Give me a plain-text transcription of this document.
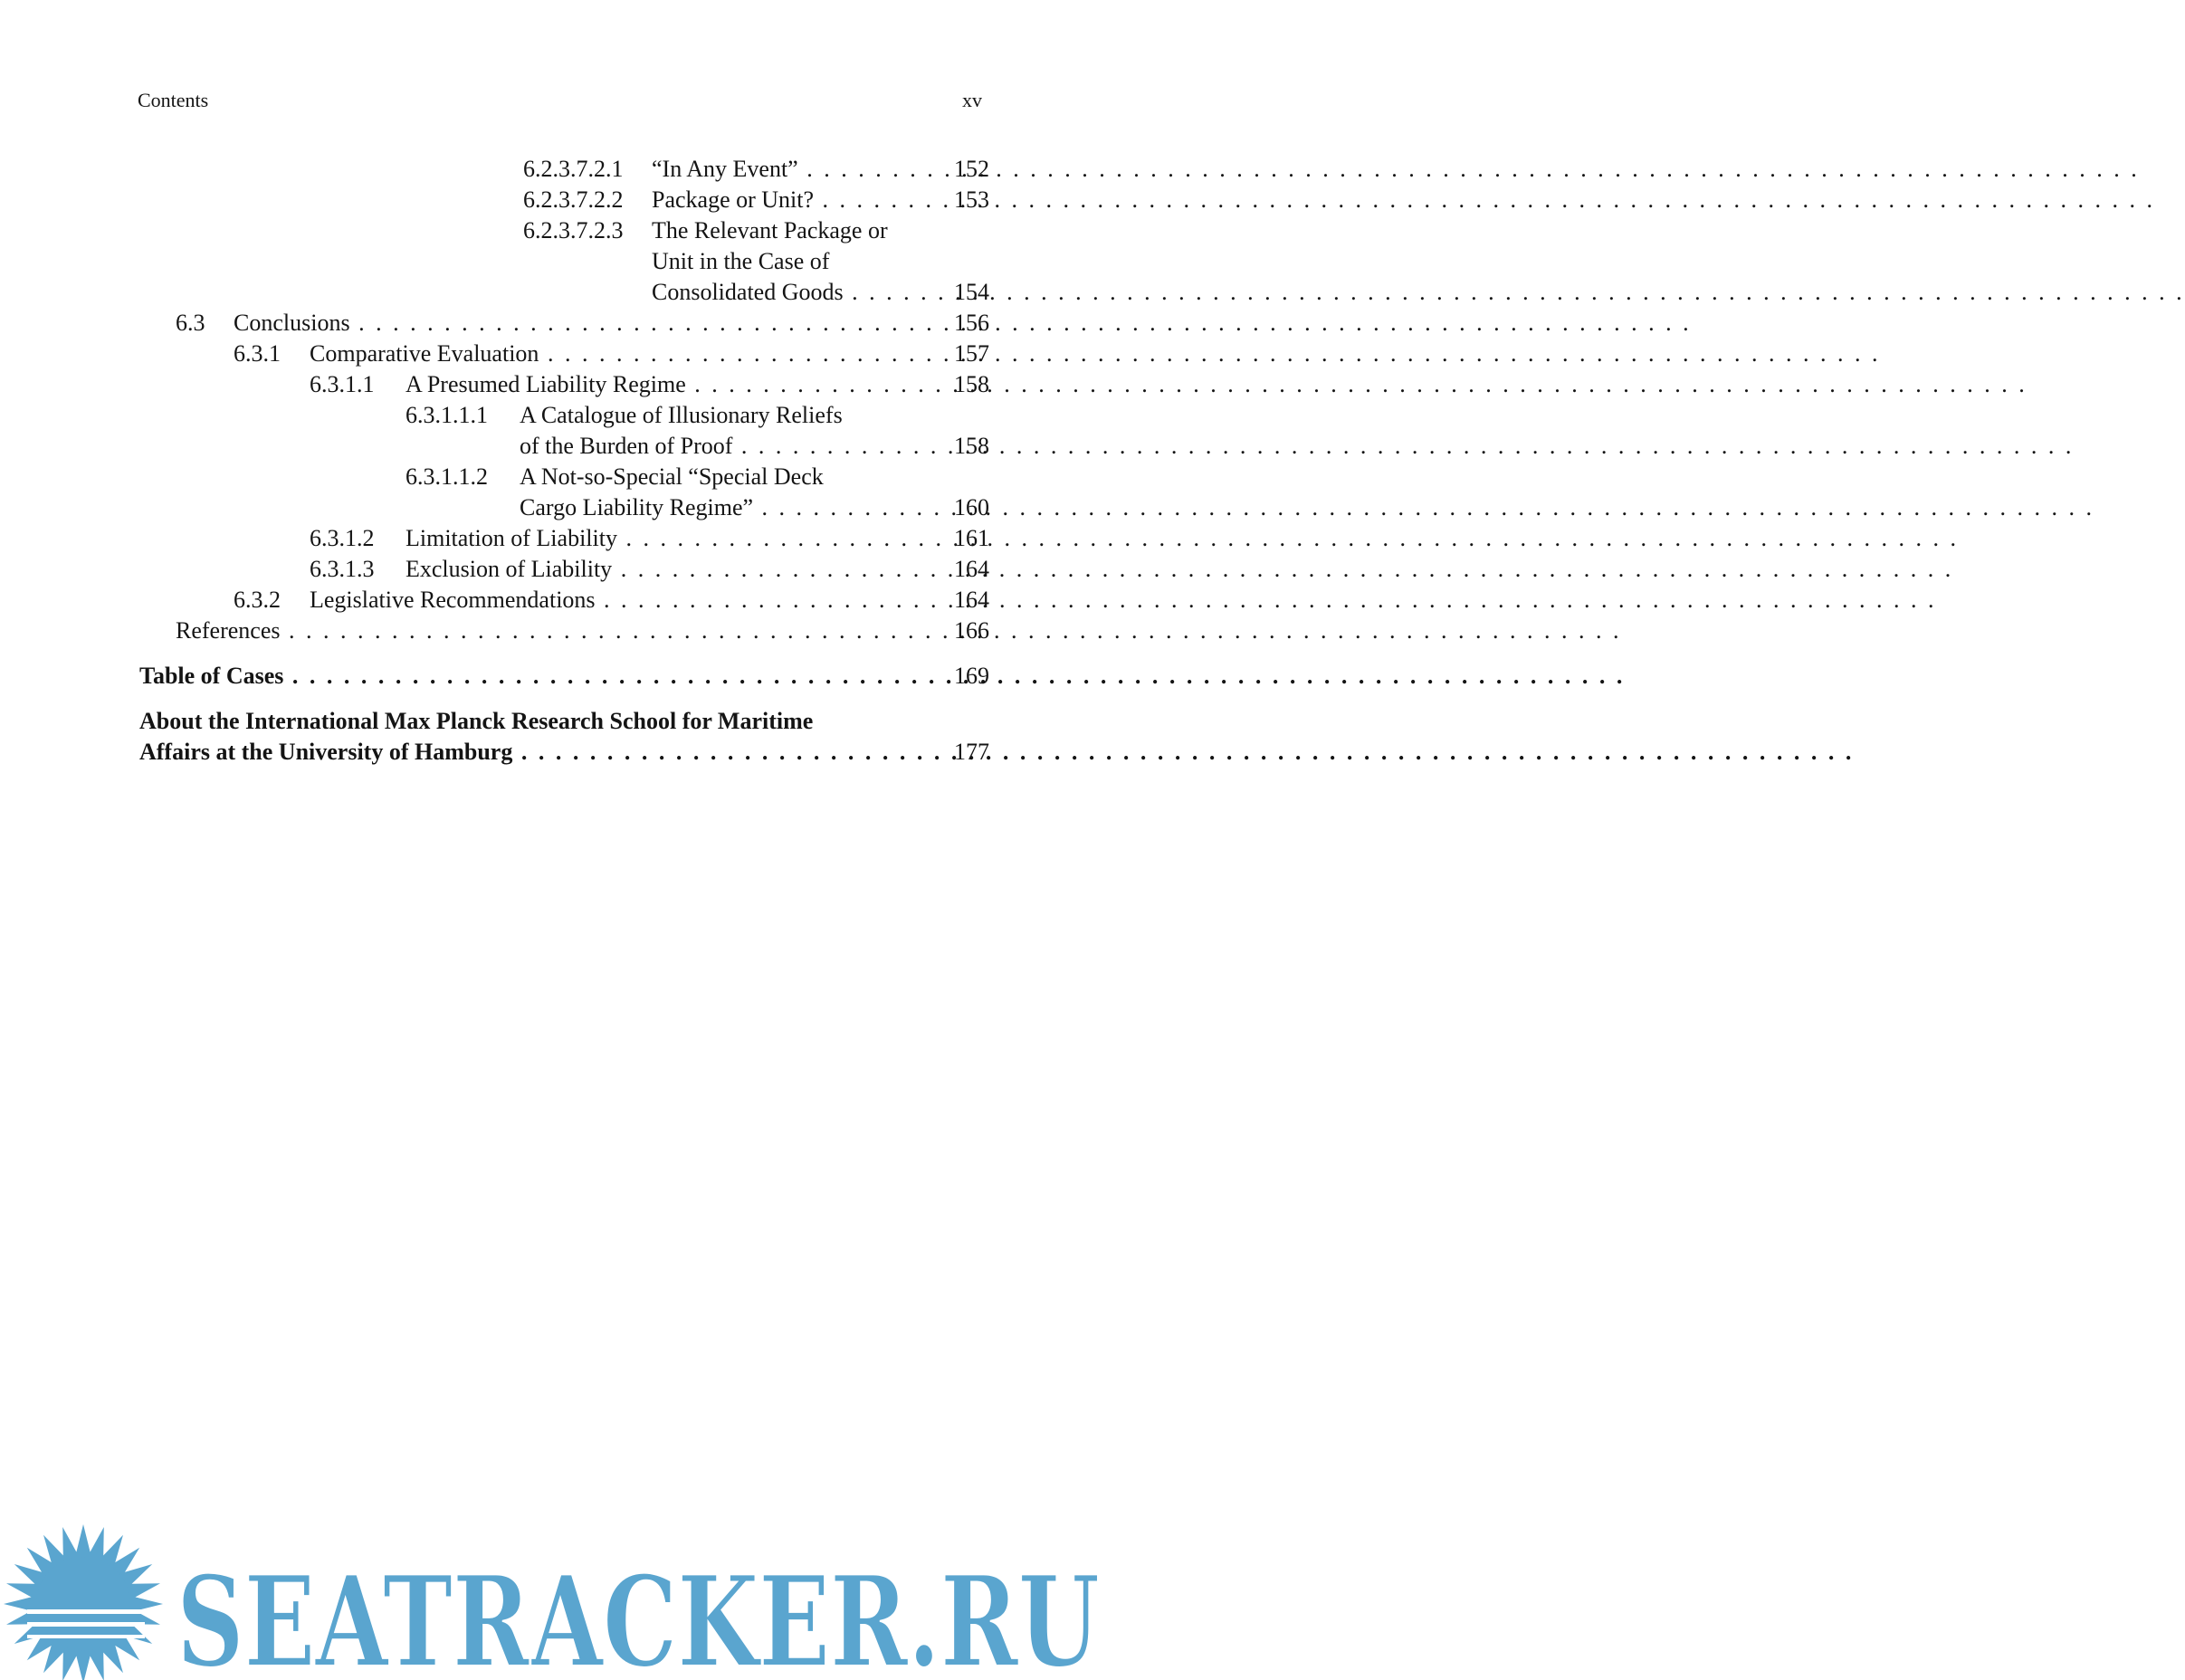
Contents	xv
6.2.3.7.2.1 “In Any Event” . . .	152
6.2.3.7.2.2 Package or Unit? . . .	153
6.2.3.7.2.3 The Relevant Package or
Unit in the Case of
Consolidated Goods . . .	154
6.3 Conclusions . . .	156
6.3.1 Comparative Evaluation . . .	157
6.3.1.1 A Presumed Liability Regime . . .	158
6.3.1.1.1 A Catalogue of Illusionary Reliefs
of the Burden of Proof . . .	158
6.3.1.1.2 A Not-so-Special “Special Deck
Cargo Liability Regime” . . .	160
6.3.1.2 Limitation of Liability . . .	161
6.3.1.3 Exclusion of Liability . . .	164
6.3.2 Legislative Recommendations . . .	164
References . . .	166
Table of Cases . . .	169
About the International Max Planck Research School for Maritime
Affairs at the University of Hamburg . . .	177
SEATRACKER.RU
